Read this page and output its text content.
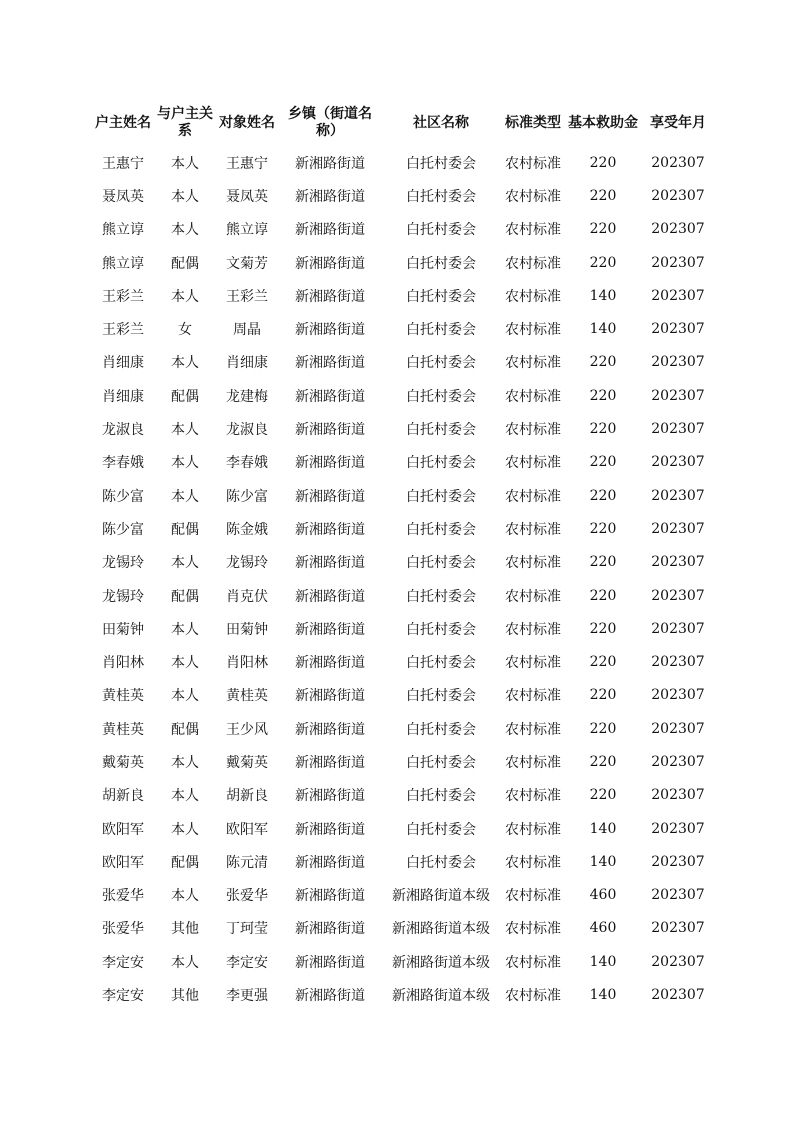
户主姓名	与户主关系	对象姓名	乡镇（街道名称）	社区名称	标准类型	基本救助金	享受年月
王惠宁	本人	王惠宁	新湘路街道	白托村委会	农村标准	220	202307
聂凤英	本人	聂凤英	新湘路街道	白托村委会	农村标准	220	202307
熊立谆	本人	熊立谆	新湘路街道	白托村委会	农村标准	220	202307
熊立谆	配偶	文菊芳	新湘路街道	白托村委会	农村标准	220	202307
王彩兰	本人	王彩兰	新湘路街道	白托村委会	农村标准	140	202307
王彩兰	女	周晶	新湘路街道	白托村委会	农村标准	140	202307
肖细康	本人	肖细康	新湘路街道	白托村委会	农村标准	220	202307
肖细康	配偶	龙建梅	新湘路街道	白托村委会	农村标准	220	202307
龙淑良	本人	龙淑良	新湘路街道	白托村委会	农村标准	220	202307
李春娥	本人	李春娥	新湘路街道	白托村委会	农村标准	220	202307
陈少富	本人	陈少富	新湘路街道	白托村委会	农村标准	220	202307
陈少富	配偶	陈金娥	新湘路街道	白托村委会	农村标准	220	202307
龙锡玲	本人	龙锡玲	新湘路街道	白托村委会	农村标准	220	202307
龙锡玲	配偶	肖克伏	新湘路街道	白托村委会	农村标准	220	202307
田菊钟	本人	田菊钟	新湘路街道	白托村委会	农村标准	220	202307
肖阳林	本人	肖阳林	新湘路街道	白托村委会	农村标准	220	202307
黄桂英	本人	黄桂英	新湘路街道	白托村委会	农村标准	220	202307
黄桂英	配偶	王少风	新湘路街道	白托村委会	农村标准	220	202307
戴菊英	本人	戴菊英	新湘路街道	白托村委会	农村标准	220	202307
胡新良	本人	胡新良	新湘路街道	白托村委会	农村标准	220	202307
欧阳军	本人	欧阳军	新湘路街道	白托村委会	农村标准	140	202307
欧阳军	配偶	陈元清	新湘路街道	白托村委会	农村标准	140	202307
张爱华	本人	张爱华	新湘路街道	新湘路街道本级	农村标准	460	202307
张爱华	其他	丁珂莹	新湘路街道	新湘路街道本级	农村标准	460	202307
李定安	本人	李定安	新湘路街道	新湘路街道本级	农村标准	140	202307
李定安	其他	李更强	新湘路街道	新湘路街道本级	农村标准	140	202307
